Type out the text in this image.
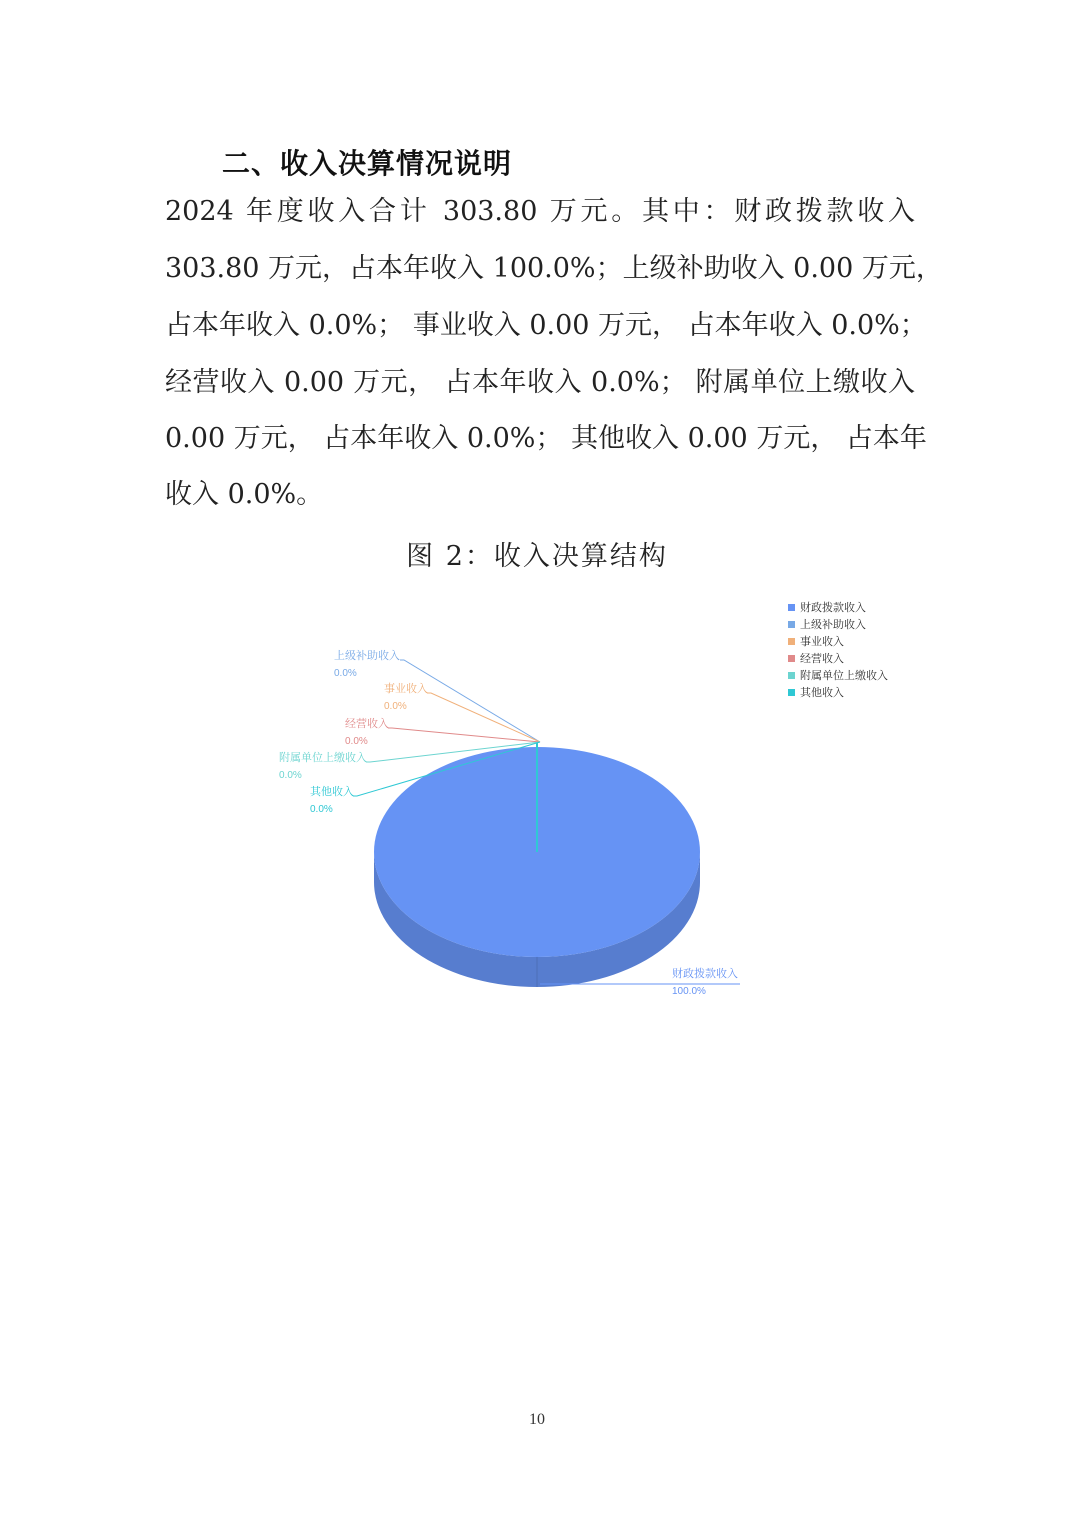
二、收入决算情况说明
2024 年度收入合计 303.80 万元。其中：财政拨款收入
303.80 万元，占本年收入 100.0%；上级补助收入 0.00 万元，
占本年收入 0.0%； 事业收入 0.00 万元， 占本年收入 0.0%；
经营收入 0.00 万元， 占本年收入 0.0%； 附属单位上缴收入
0.00 万元， 占本年收入 0.0%； 其他收入 0.00 万元， 占本年
收入 0.0%。
图 2：收入决算结构
财政拨款收入
上级补助收入
事业收入
经营收入
附属单位上缴收入
其他收入
财政拨款收入
100.0%
上级补助收入
0.0%
事业收入
0.0%
经营收入
0.0%
附属单位上缴收入
0.0%
其他收入
0.0%
10
